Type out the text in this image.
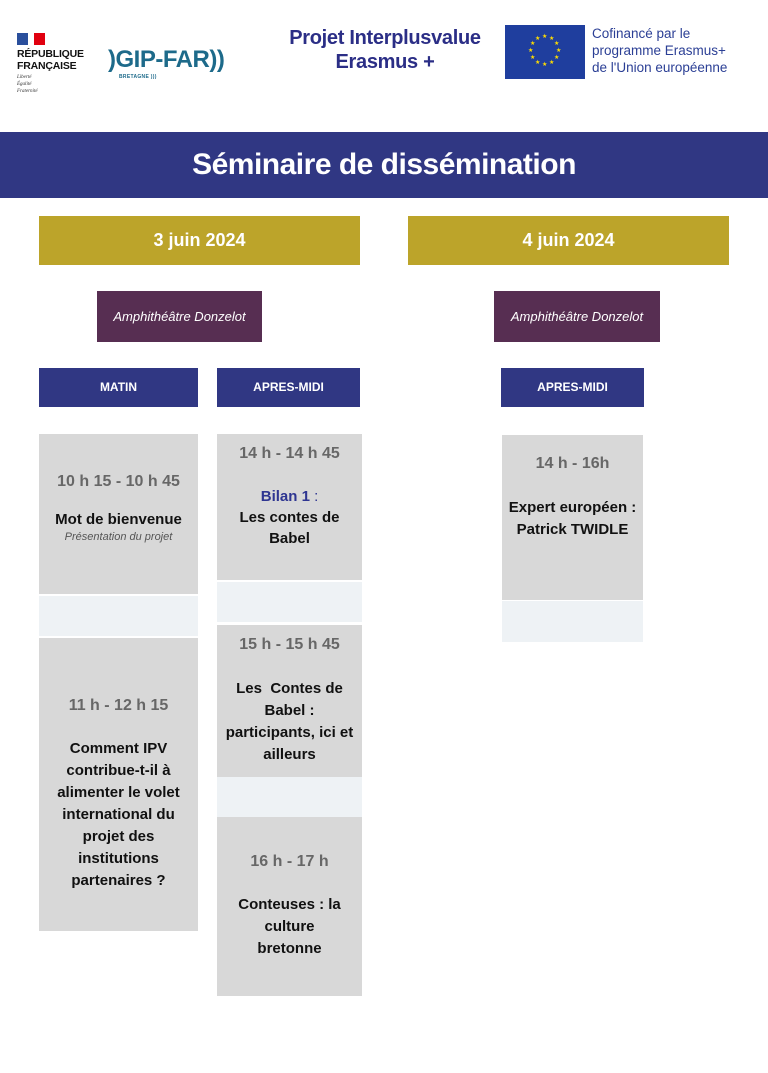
RÉPUBLIQUE
FRANÇAISE
Liberté
Égalité
Fraternité
)GIP-FAR))
BRETAGNE )))
Projet Interplusvalue
Erasmus +
★ ★
★
★
★
★
★
★
★
★
★
★	Cofinancé par le
programme Erasmus+
de l'Union européenne
Séminaire de dissémination
3 juin 2024	4 juin 2024
Amphithéâtre Donzelot	Amphithéâtre Donzelot
MATIN	APRES-MIDI	APRES-MIDI
10 h 15 - 10 h 45
Mot de bienvenue
Présentation du projet
11 h - 12 h 15
Comment IPV contribue-t-il à alimenter le volet international du projet des institutions partenaires ?
14 h - 14 h 45
Bilan 1 :
Les contes de Babel
15 h - 15 h 45
Les  Contes de Babel : participants, ici et ailleurs
16 h - 17 h
Conteuses : la culture bretonne
14 h - 16h
Expert européen : Patrick TWIDLE
